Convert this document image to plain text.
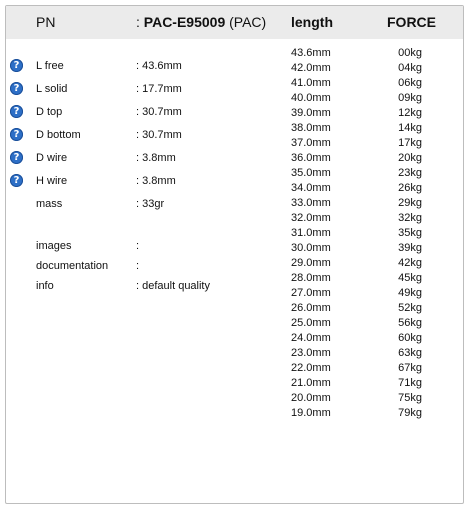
PN	: PAC-E95009 (PAC) length	FORCE
?	L free	: 43.6mm
?	L solid	: 17.7mm
?	D top	: 30.7mm
?	D bottom	: 30.7mm
?	D wire	: 3.8mm
?	H wire	: 3.8mm
mass	: 33gr
images	:
documentation	:
info	: default quality
43.6mm	00kg
42.0mm	04kg
41.0mm	06kg
40.0mm	09kg
39.0mm	12kg
38.0mm	14kg
37.0mm	17kg
36.0mm	20kg
35.0mm	23kg
34.0mm	26kg
33.0mm	29kg
32.0mm	32kg
31.0mm	35kg
30.0mm	39kg
29.0mm	42kg
28.0mm	45kg
27.0mm	49kg
26.0mm	52kg
25.0mm	56kg
24.0mm	60kg
23.0mm	63kg
22.0mm	67kg
21.0mm	71kg
20.0mm	75kg
19.0mm	79kg
